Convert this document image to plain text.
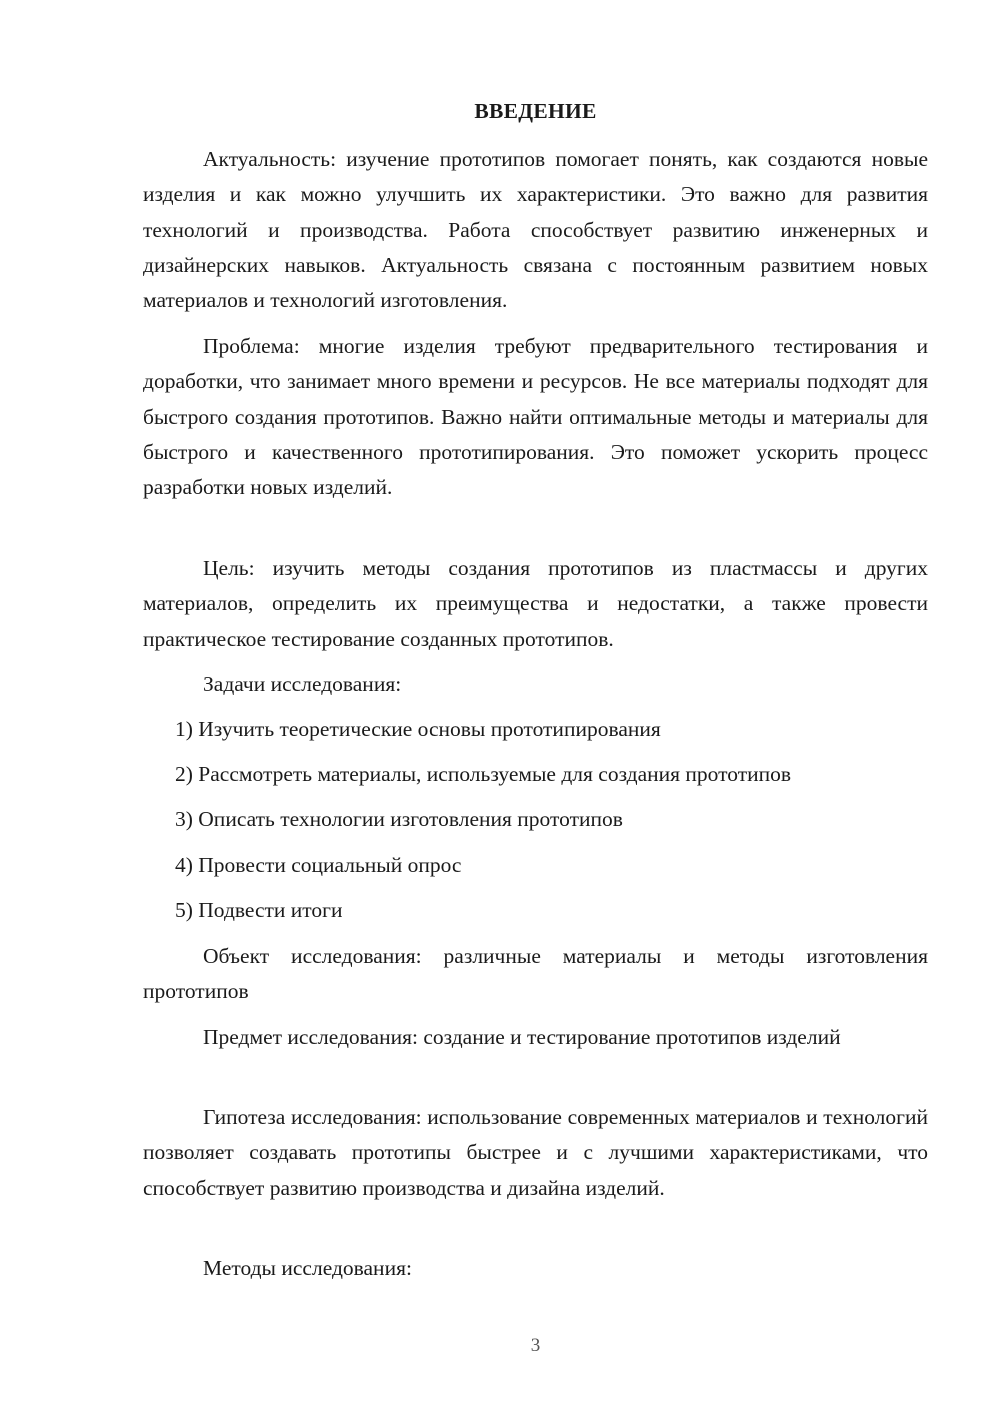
ВВЕДЕНИЕ

Актуальность: изучение прототипов помогает понять, как создаются новые изделия и как можно улучшить их характеристики. Это важно для развития технологий и производства. Работа способствует развитию инженерных и дизайнерских навыков. Актуальность связана с постоянным развитием новых материалов и технологий изготовления.

Проблема: многие изделия требуют предварительного тестирования и доработки, что занимает много времени и ресурсов. Не все материалы подходят для быстрого создания прототипов. Важно найти оптимальные методы и материалы для быстрого и качественного прототипирования. Это поможет ускорить процесс разработки новых изделий.

Цель: изучить методы создания прототипов из пластмассы и других материалов, определить их преимущества и недостатки, а также провести практическое тестирование созданных прототипов.

Задачи исследования:

1) Изучить теоретические основы прототипирования

2) Рассмотреть материалы, используемые для создания прототипов

3) Описать технологии изготовления прототипов

4) Провести социальный опрос

5) Подвести итоги

Объект исследования: различные материалы и методы изготовления прототипов

Предмет исследования: создание и тестирование прототипов изделий

Гипотеза исследования: использование современных материалов и технологий позволяет создавать прототипы быстрее и с лучшими характеристиками, что способствует развитию производства и дизайна изделий.

Методы исследования:

3
